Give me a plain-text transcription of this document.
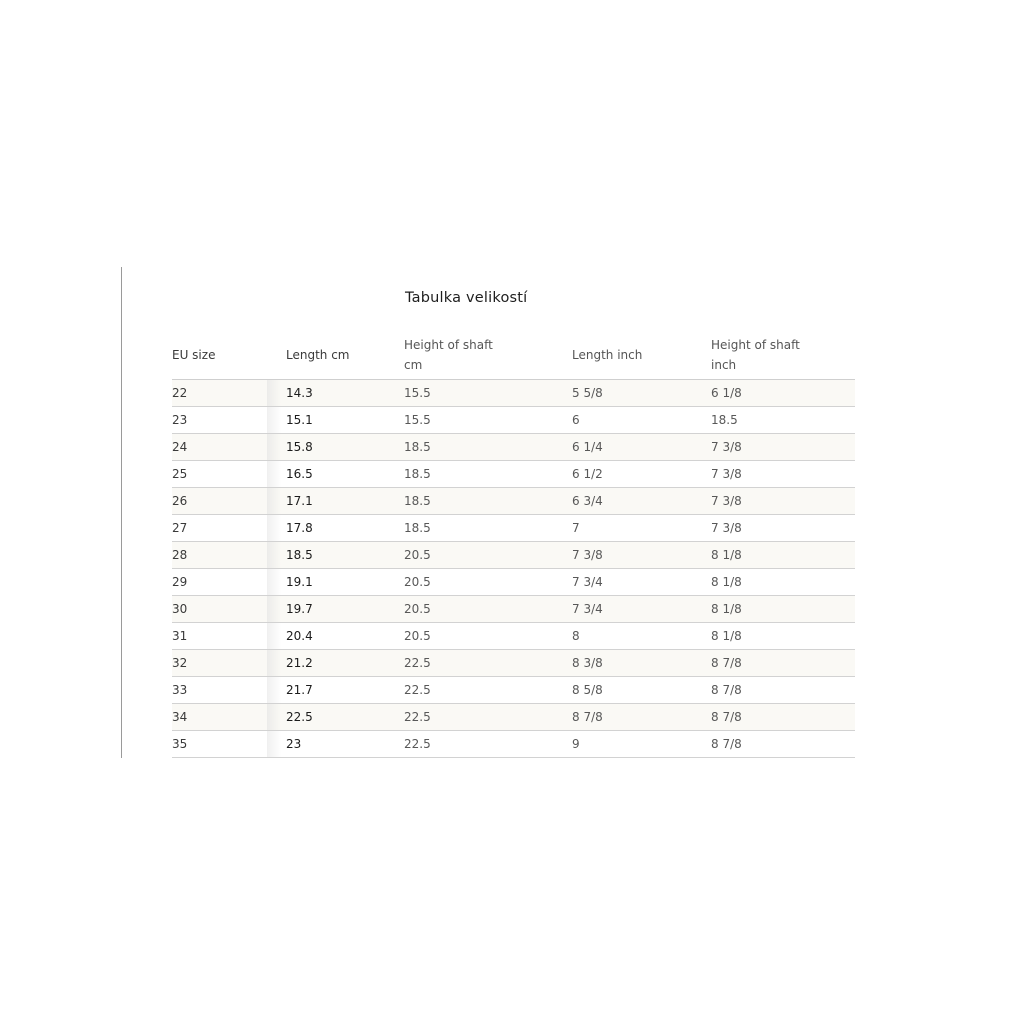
Tabulka velikostí
EU size	Length cm	Height of shaft cm	Length inch	Height of shaft inch
22	14.3	15.5	5 5/8	6 1/8
23	15.1	15.5	6	18.5
24	15.8	18.5	6 1/4	7 3/8
25	16.5	18.5	6 1/2	7 3/8
26	17.1	18.5	6 3/4	7 3/8
27	17.8	18.5	7	7 3/8
28	18.5	20.5	7 3/8	8 1/8
29	19.1	20.5	7 3/4	8 1/8
30	19.7	20.5	7 3/4	8 1/8
31	20.4	20.5	8	8 1/8
32	21.2	22.5	8 3/8	8 7/8
33	21.7	22.5	8 5/8	8 7/8
34	22.5	22.5	8 7/8	8 7/8
35	23	22.5	9	8 7/8
